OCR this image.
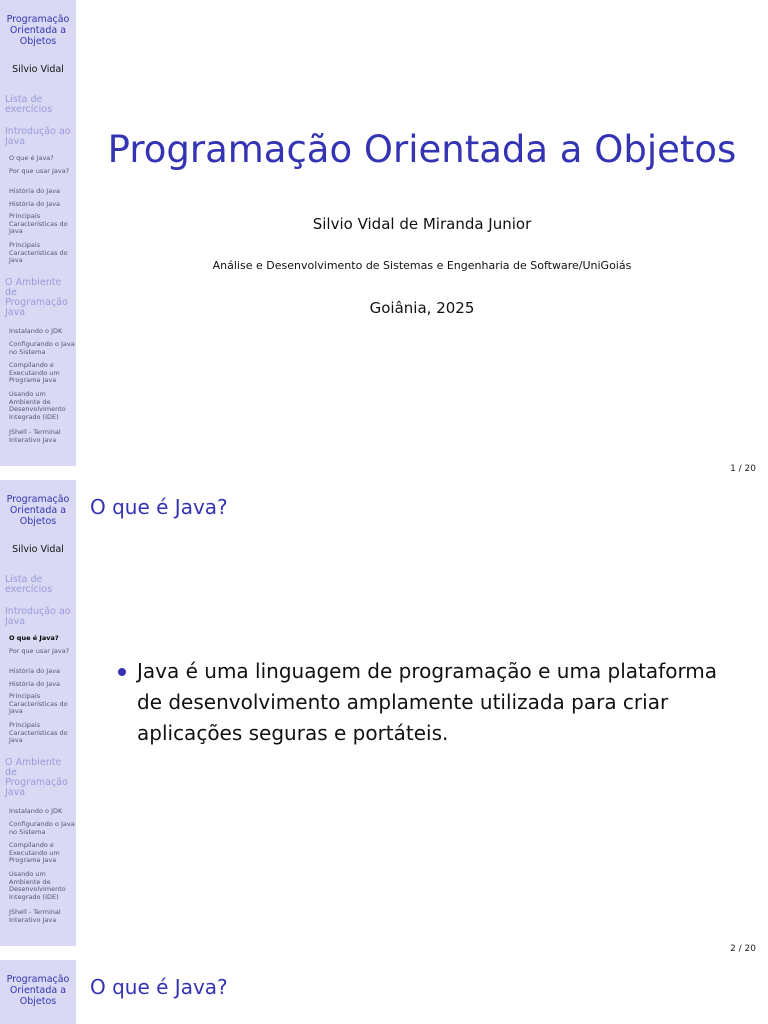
Programação Orientada a Objetos
Silvio Vidal
Lista de exercícios
Introdução ao Java
O que é Java?
Por que usar Java?
História do Java
História do Java
Principais Características do Java
Principais Características do Java
O Ambiente de Programação Java
Instalando o JDK
Configurando o Java no Sistema
Compilando e Executando um Programa Java
Usando um Ambiente de Desenvolvimento Integrado (IDE)
JShell - Terminal Interativo Java
Programação Orientada a Objetos
Silvio Vidal de Miranda Junior
Análise e Desenvolvimento de Sistemas e Engenharia de Software/UniGoiás
Goiânia, 2025
1 / 20
Programação Orientada a Objetos
Silvio Vidal
Lista de exercícios
Introdução ao Java
O que é Java?
Por que usar Java?
História do Java
História do Java
Principais Características do Java
Principais Características do Java
O Ambiente de Programação Java
Instalando o JDK
Configurando o Java no Sistema
Compilando e Executando um Programa Java
Usando um Ambiente de Desenvolvimento Integrado (IDE)
JShell - Terminal Interativo Java
O que é Java?
Java é uma linguagem de programação e uma plataforma de desenvolvimento amplamente utilizada para criar aplicações seguras e portáteis.
2 / 20
Programação Orientada a Objetos
O que é Java?
